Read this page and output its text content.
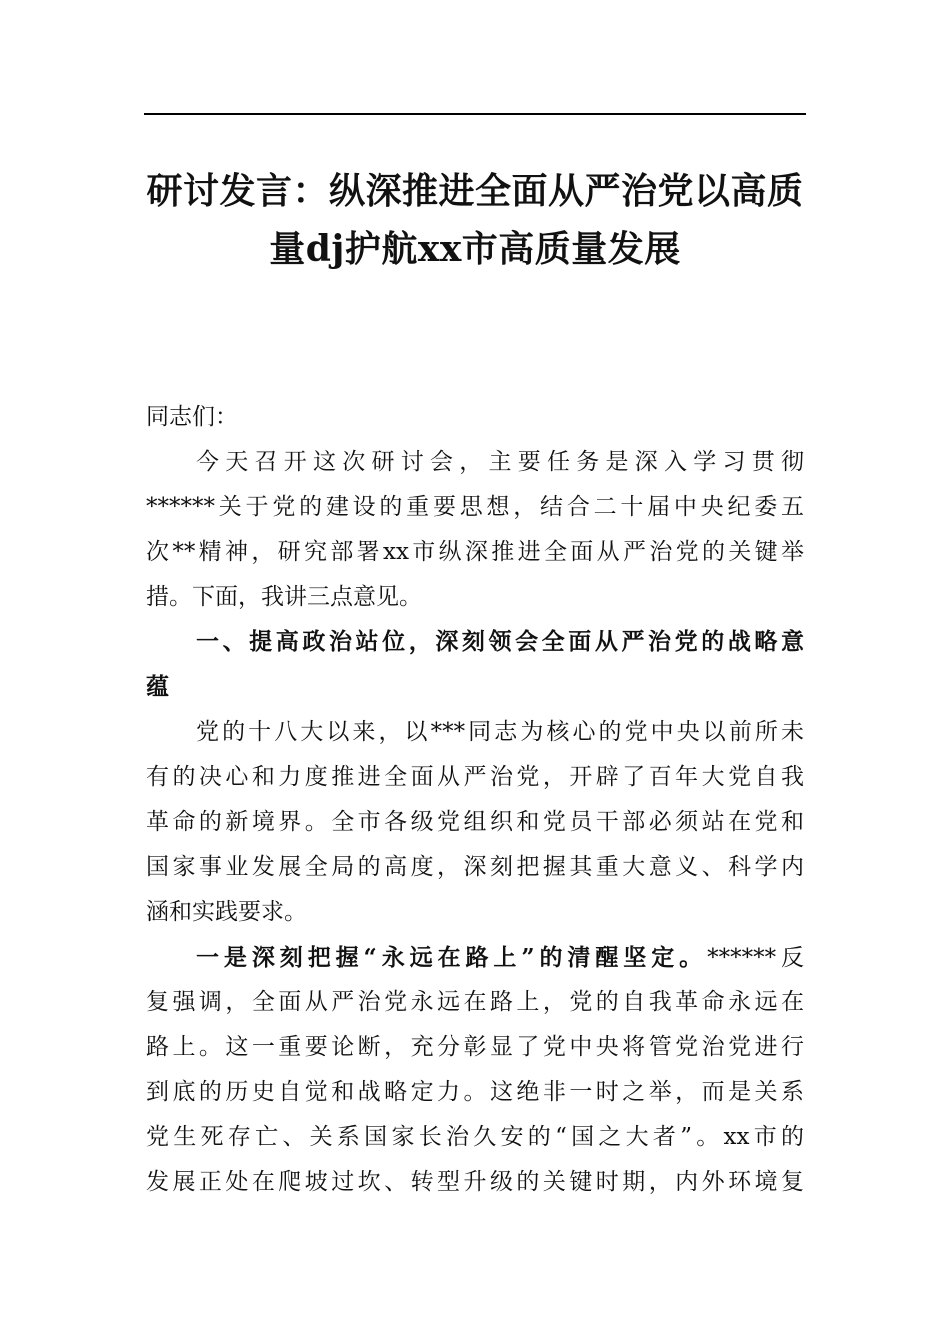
研讨发言：纵深推进全面从严治党以高质
量dj护航xx市高质量发展
同志们：
今天召开这次研讨会，主要任务是深入学习贯彻
******关于党的建设的重要思想，结合二十届中央纪委五
次**精神，研究部署xx市纵深推进全面从严治党的关键举
措。下面，我讲三点意见。
一、提高政治站位，深刻领会全面从严治党的战略意
蕴
党的十八大以来，以***同志为核心的党中央以前所未
有的决心和力度推进全面从严治党，开辟了百年大党自我
革命的新境界。全市各级党组织和党员干部必须站在党和
国家事业发展全局的高度，深刻把握其重大意义、科学内
涵和实践要求。
一是深刻把握“永远在路上”的清醒坚定。******反
复强调，全面从严治党永远在路上，党的自我革命永远在
路上。这一重要论断，充分彰显了党中央将管党治党进行
到底的历史自觉和战略定力。这绝非一时之举，而是关系
党生死存亡、关系国家长治久安的“国之大者”。xx市的
发展正处在爬坡过坎、转型升级的关键时期，内外环境复
